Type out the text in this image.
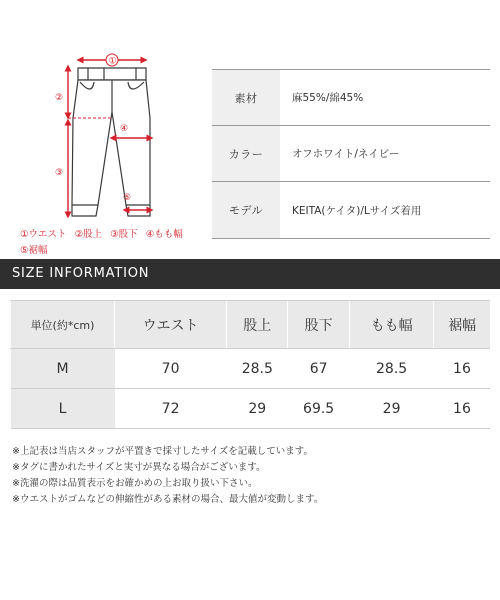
①
②
③
④
⑤
①ウエスト ②股上 ③股下 ④もも幅
⑤裾幅
素材	麻55%/綿45%
カラー	オフホワイト/ネイビー
モデル	KEITA(ケイタ)/Lサイズ着用
SIZE INFORMATION
単位(約*cm)	ウエスト	股上	股下	もも幅	裾幅
M	70	28.5	67	28.5	16
L	72	29	69.5	29	16
※上記表は当店スタッフが平置きで採寸したサイズを記載しています。
※タグに書かれたサイズと実寸が異なる場合がございます。
※洗濯の際は品質表示をお確かめの上お取り扱い下さい。
※ウエストがゴムなどの伸縮性がある素材の場合、最大値が変動します。
